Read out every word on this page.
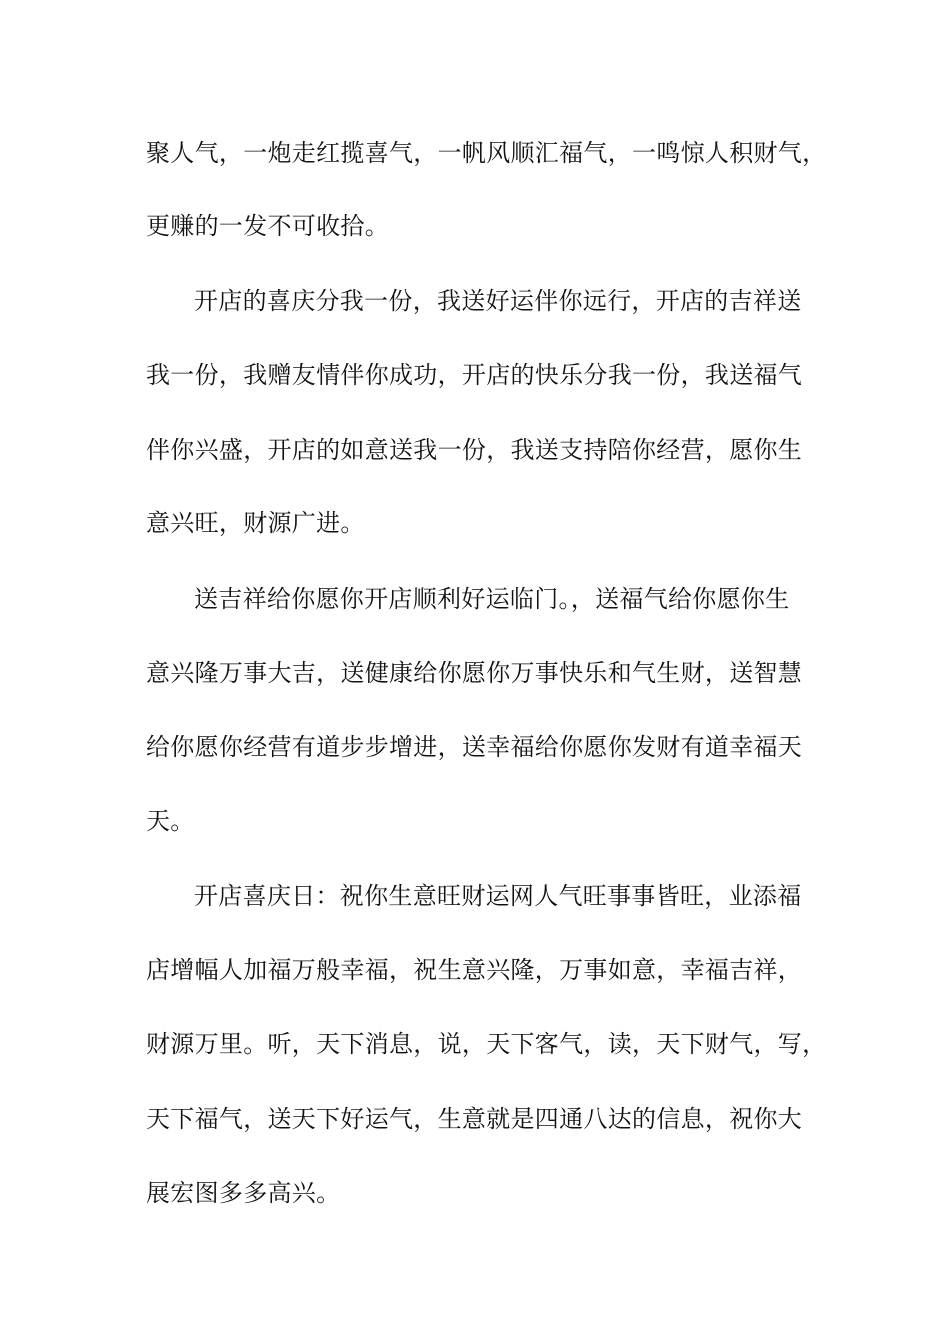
聚人气，一炮走红揽喜气，一帆风顺汇福气，一鸣惊人积财气，
更赚的一发不可收拾。
开店的喜庆分我一份，我送好运伴你远行，开店的吉祥送
我一份，我赠友情伴你成功，开店的快乐分我一份，我送福气
伴你兴盛，开店的如意送我一份，我送支持陪你经营，愿你生
意兴旺，财源广进。
送吉祥给你愿你开店顺利好运临门。，送福气给你愿你生
意兴隆万事大吉，送健康给你愿你万事快乐和气生财，送智慧
给你愿你经营有道步步增进，送幸福给你愿你发财有道幸福天
天。
开店喜庆日：祝你生意旺财运网人气旺事事皆旺，业添福
店增幅人加福万般幸福，祝生意兴隆，万事如意，幸福吉祥，
财源万里。听，天下消息，说，天下客气，读，天下财气，写，
天下福气，送天下好运气，生意就是四通八达的信息，祝你大
展宏图多多高兴。
